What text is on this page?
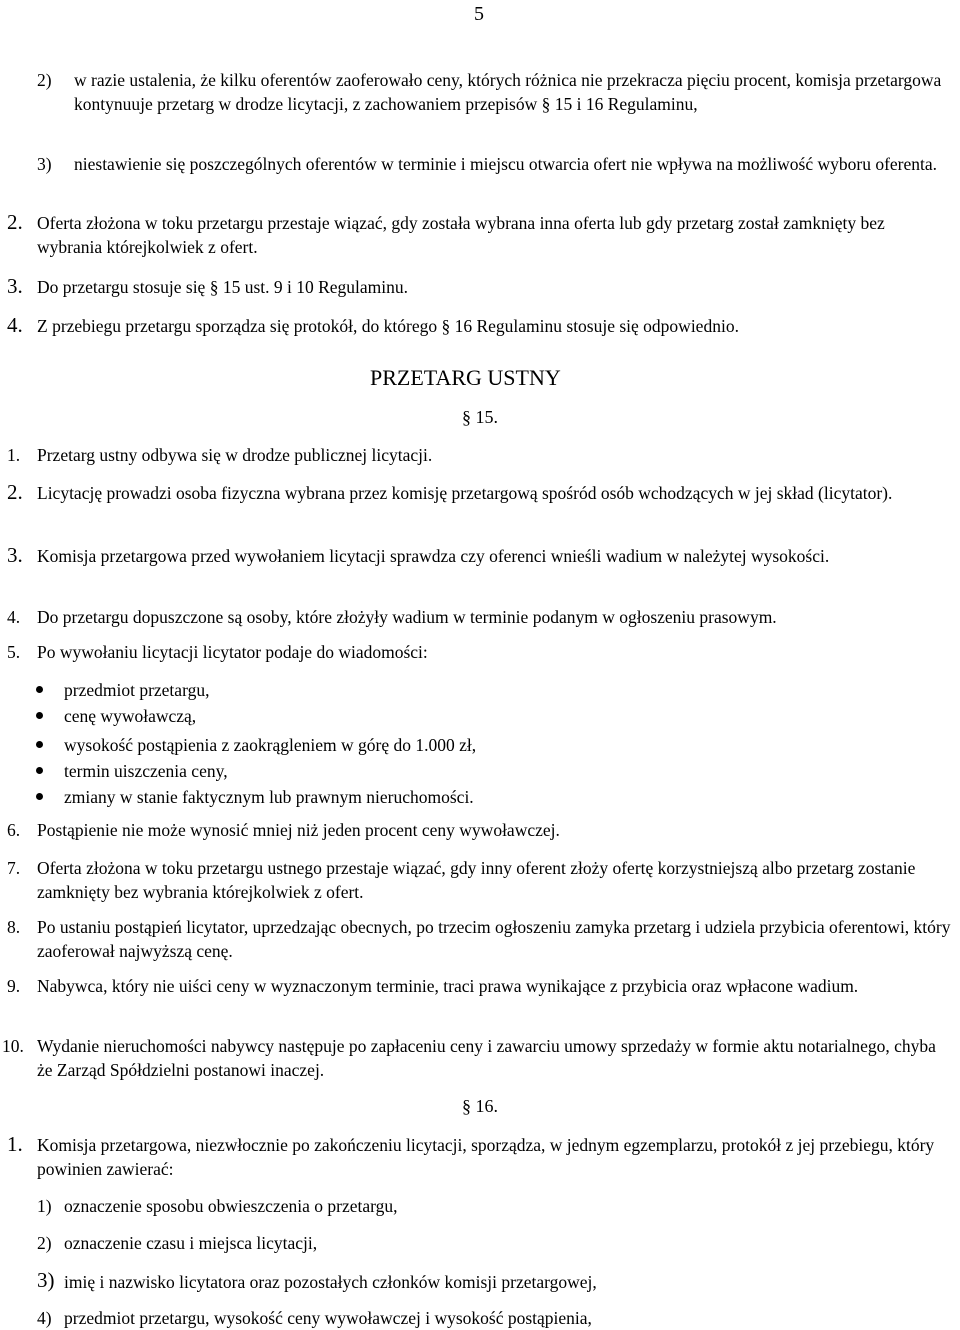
5
2) w razie ustalenia, że kilku oferentów zaoferowało ceny, których różnica nie przekracza pięciu procent, komisja przetargowa kontynuuje przetarg w drodze licytacji, z zachowaniem przepisów § 15 i 16 Regulaminu,
3) niestawienie się poszczególnych oferentów w terminie i miejscu otwarcia ofert nie wpływa na możliwość wyboru oferenta.
2. Oferta złożona w toku przetargu przestaje wiązać, gdy została wybrana inna oferta lub gdy przetarg został zamknięty bez wybrania którejkolwiek z ofert.
3. Do przetargu stosuje się § 15 ust. 9 i 10 Regulaminu.
4. Z przebiegu przetargu sporządza się protokół, do którego § 16 Regulaminu stosuje się odpowiednio.
PRZETARG USTNY
§ 15.
1. Przetarg ustny odbywa się w drodze publicznej licytacji.
2. Licytację prowadzi osoba fizyczna wybrana przez komisję przetargową spośród osób wchodzących w jej skład (licytator).
3. Komisja przetargowa przed wywołaniem licytacji sprawdza czy oferenci wnieśli wadium w należytej wysokości.
4. Do przetargu dopuszczone są osoby, które złożyły wadium w terminie podanym w ogłoszeniu prasowym.
5. Po wywołaniu licytacji licytator podaje do wiadomości:
przedmiot przetargu,
cenę wywoławczą,
wysokość postąpienia z zaokrągleniem w górę do 1.000 zł,
termin uiszczenia ceny,
zmiany w stanie faktycznym lub prawnym nieruchomości.
6. Postąpienie nie może wynosić mniej niż jeden procent ceny wywoławczej.
7. Oferta złożona w toku przetargu ustnego przestaje wiązać, gdy inny oferent złoży ofertę korzystniejszą albo przetarg zostanie zamknięty bez wybrania którejkolwiek z ofert.
8. Po ustaniu postąpień licytator, uprzedzając obecnych, po trzecim ogłoszeniu zamyka przetarg i udziela przybicia oferentowi, który zaoferował najwyższą cenę.
9. Nabywca, który nie uiści ceny w wyznaczonym terminie, traci prawa wynikające z przybicia oraz wpłacone wadium.
10. Wydanie nieruchomości nabywcy następuje po zapłaceniu ceny i zawarciu umowy sprzedaży w formie aktu notarialnego, chyba że Zarząd Spółdzielni postanowi inaczej.
§ 16.
1. Komisja przetargowa, niezwłocznie po zakończeniu licytacji, sporządza, w jednym egzemplarzu, protokół z jej przebiegu, który powinien zawierać:
1) oznaczenie sposobu obwieszczenia o przetargu,
2) oznaczenie czasu i miejsca licytacji,
3) imię i nazwisko licytatora oraz pozostałych członków komisji przetargowej,
4) przedmiot przetargu, wysokość ceny wywoławczej i wysokość postąpienia,
